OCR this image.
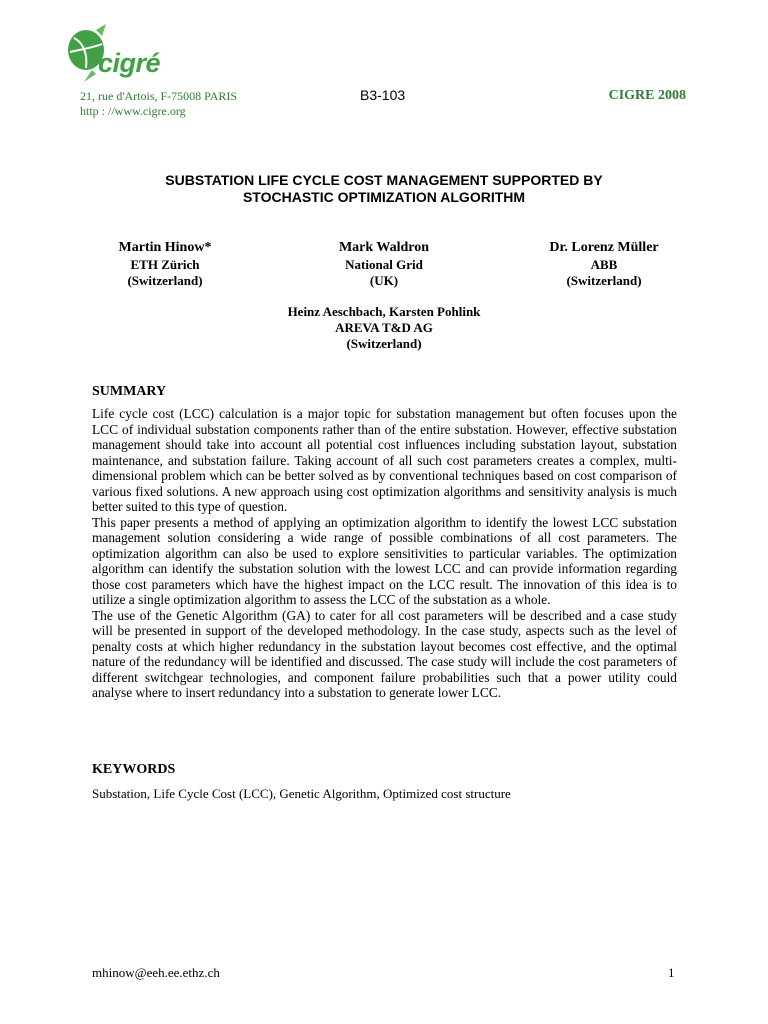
cigré
21, rue d'Artois, F-75008 PARIS
http : //www.cigre.org
B3-103	CIGRE 2008
SUBSTATION LIFE CYCLE COST MANAGEMENT SUPPORTED BY
STOCHASTIC OPTIMIZATION ALGORITHM
Martin Hinow*
ETH Zürich
(Switzerland)
Mark Waldron
National Grid
(UK)
Dr. Lorenz Müller
ABB
(Switzerland)
Heinz Aeschbach, Karsten Pohlink
AREVA T&D AG
(Switzerland)
SUMMARY

Life cycle cost (LCC) calculation is a major topic for substation management but often focuses upon the LCC of individual substation components rather than of the entire substation. However, effective substation management should take into account all potential cost influences including substation layout, substation maintenance, and substation failure. Taking account of all such cost parameters creates a complex, multi-dimensional problem which can be better solved as by conventional techniques based on cost comparison of various fixed solutions. A new approach using cost optimization algorithms and sensitivity analysis is much better suited to this type of question.

This paper presents a method of applying an optimization algorithm to identify the lowest LCC substation management solution considering a wide range of possible combinations of all cost parameters. The optimization algorithm can also be used to explore sensitivities to particular variables. The optimization algorithm can identify the substation solution with the lowest LCC and can provide information regarding those cost parameters which have the highest impact on the LCC result. The innovation of this idea is to utilize a single optimization algorithm to assess the LCC of the substation as a whole.

The use of the Genetic Algorithm (GA) to cater for all cost parameters will be described and a case study will be presented in support of the developed methodology. In the case study, aspects such as the level of penalty costs at which higher redundancy in the substation layout becomes cost effective, and the optimal nature of the redundancy will be identified and discussed. The case study will include the cost parameters of different switchgear technologies, and component failure probabilities such that a power utility could analyse where to insert redundancy into a substation to generate lower LCC.

KEYWORDS
Substation, Life Cycle Cost (LCC), Genetic Algorithm, Optimized cost structure
mhinow@eeh.ee.ethz.ch	1
